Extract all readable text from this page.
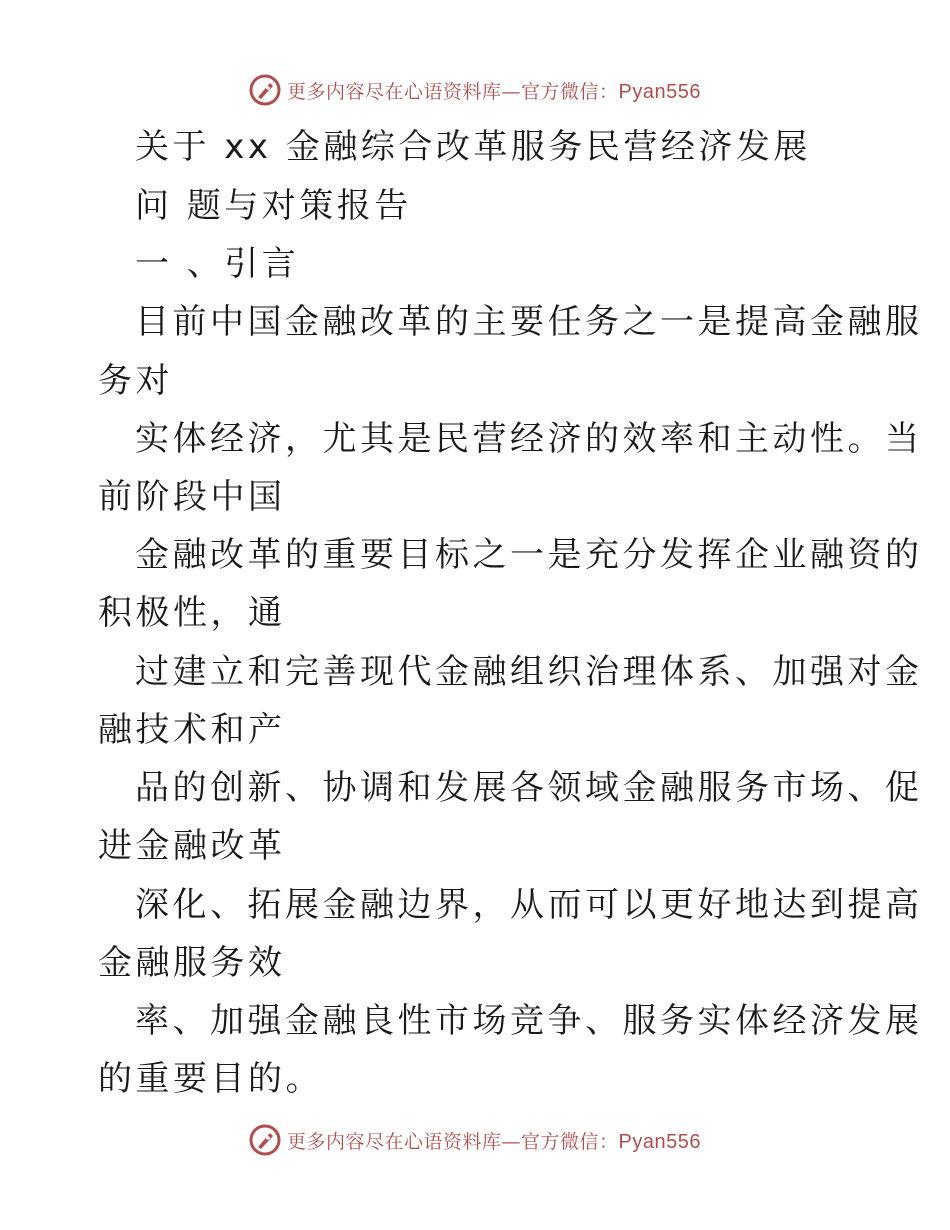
更多内容尽在心语资料库—官方微信：Pyan556
关于 xx 金融综合改革服务民营经济发展
问 题与对策报告
一 、引言
目前中国金融改革的主要任务之一是提高金融服
务对
实体经济，尤其是民营经济的效率和主动性。当
前阶段中国
金融改革的重要目标之一是充分发挥企业融资的
积极性，通
过建立和完善现代金融组织治理体系、加强对金
融技术和产
品的创新、协调和发展各领域金融服务市场、促
进金融改革
深化、拓展金融边界，从而可以更好地达到提高
金融服务效
率、加强金融良性市场竞争、服务实体经济发展
的重要目的。
更多内容尽在心语资料库—官方微信：Pyan556
